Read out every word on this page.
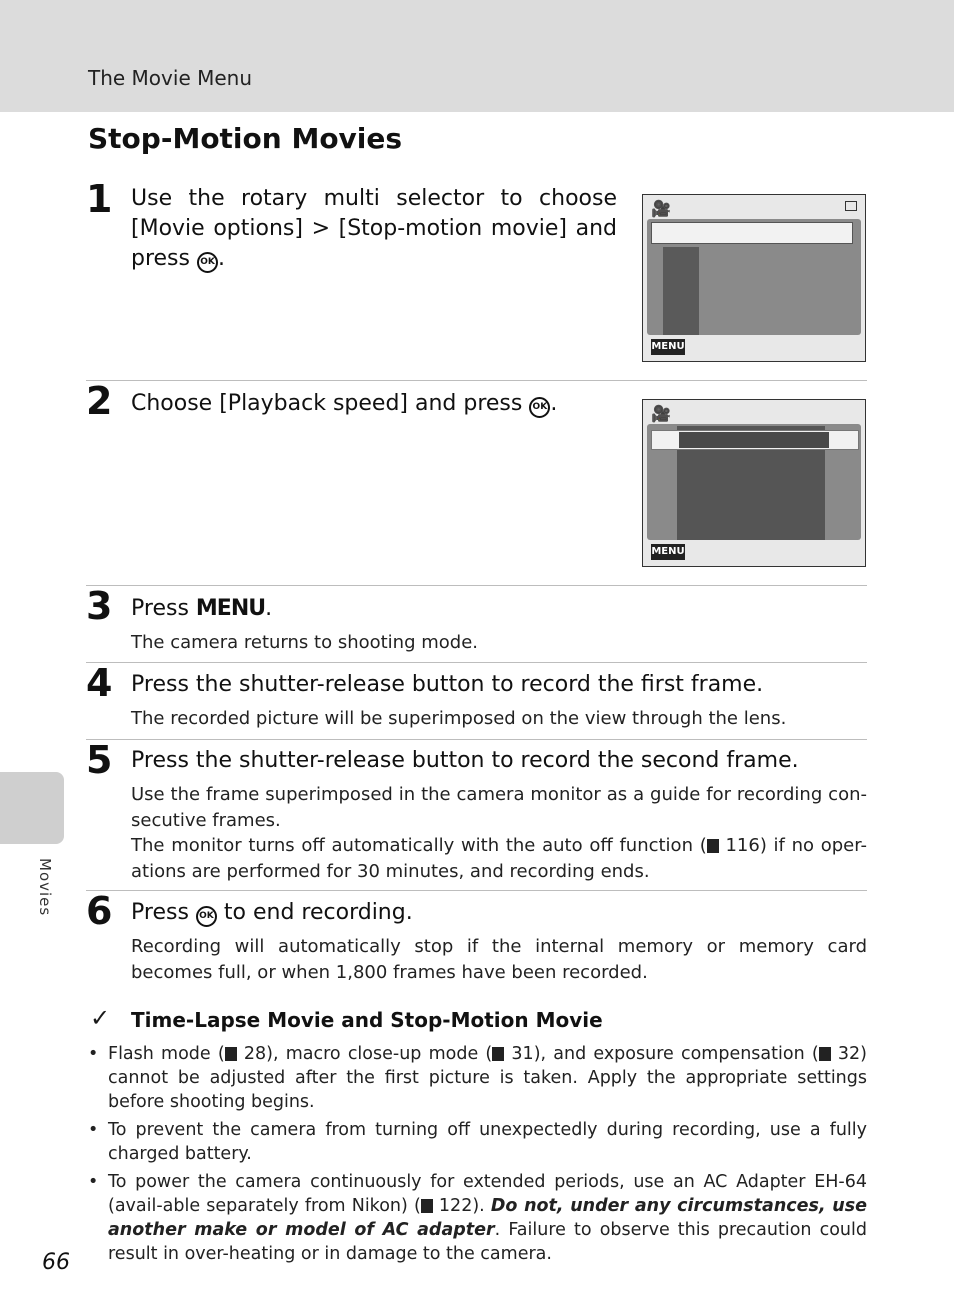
The Movie Menu
Stop-Motion Movies
Movies
1 Use the rotary multi selector to choose [Movie options] > [Stop-motion movie] and press OK .
🎥
MENU
2 Choose [Playback speed] and press OK .	🎥
MENU
3 Press MENU.
The camera returns to shooting mode.
4 Press the shutter-release button to record the first frame.
The recorded picture will be superimposed on the view through the lens.
5 Press the shutter-release button to record the second frame.
Use the frame superimposed in the camera monitor as a guide for recording con-secutive frames.
The monitor turns off automatically with the auto off function ( 116) if no oper-ations are performed for 30 minutes, and recording ends.
6 Press OK to end recording.
Recording will automatically stop if the internal memory or memory card becomes full, or when 1,800 frames have been recorded.
✓ Time-Lapse Movie and Stop-Motion Movie
• Flash mode ( 28), macro close-up mode ( 31), and exposure compensation ( 32) cannot be adjusted after the first picture is taken. Apply the appropriate settings before shooting begins.
• To prevent the camera from turning off unexpectedly during recording, use a fully charged battery.
• To power the camera continuously for extended periods, use an AC Adapter EH-64 (avail-able separately from Nikon) ( 122). Do not, under any circumstances, use another make or model of AC adapter. Failure to observe this precaution could result in over-heating or in damage to the camera.
66
